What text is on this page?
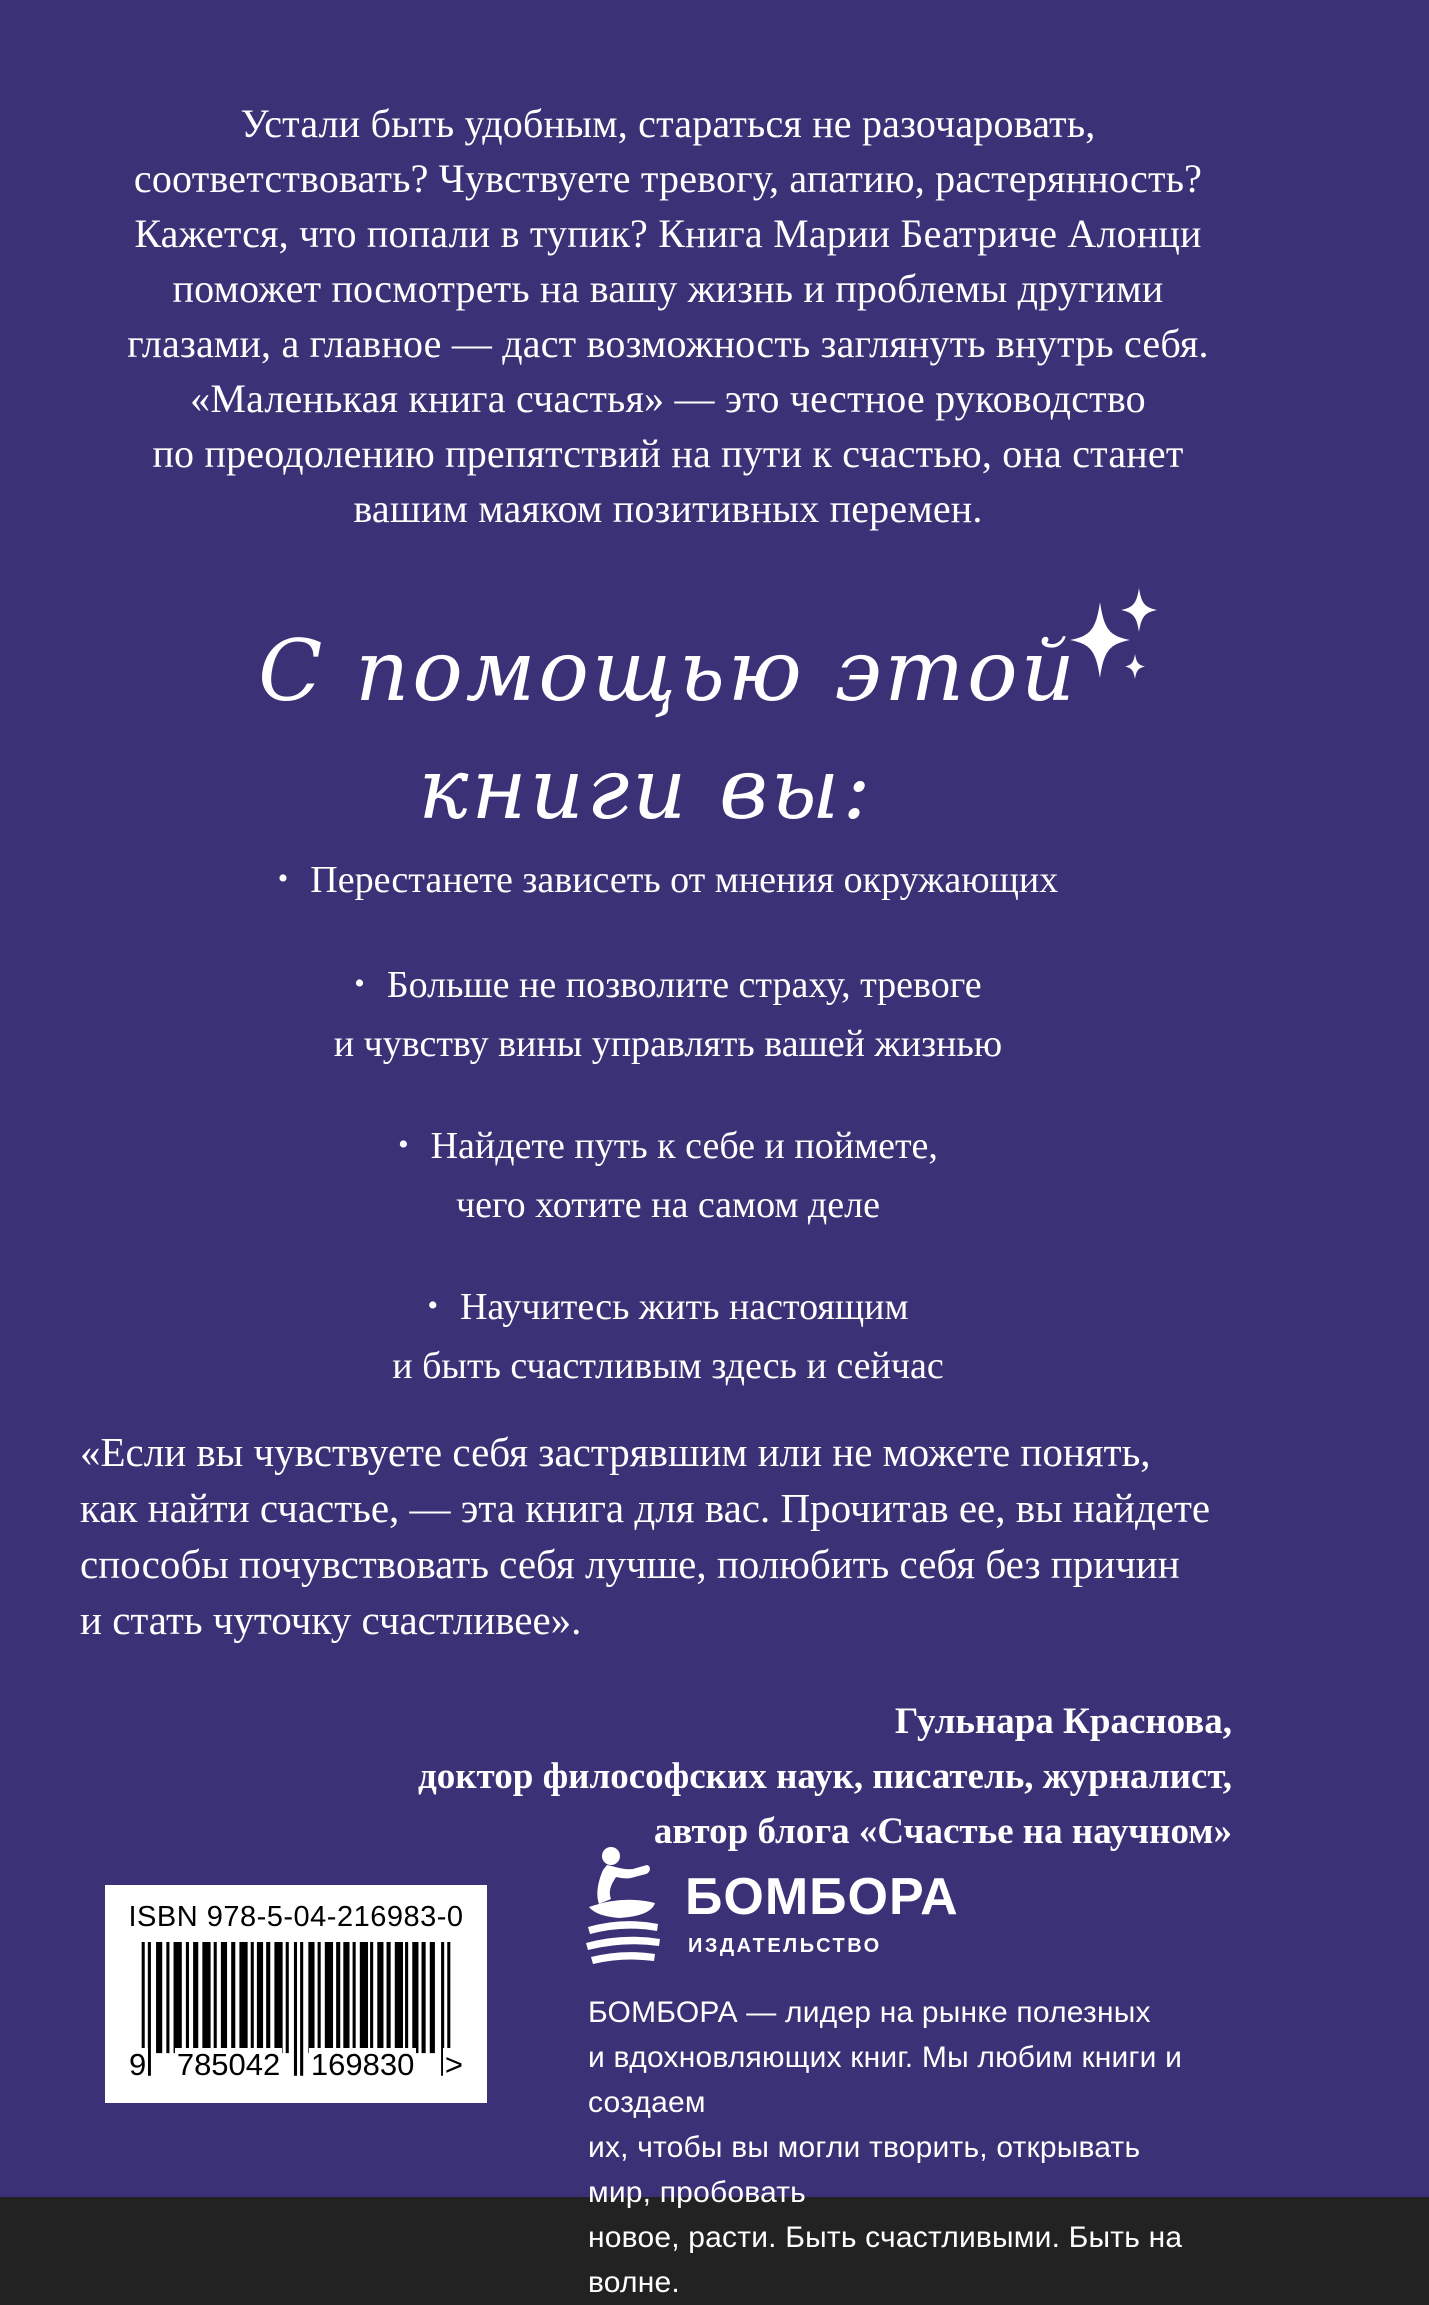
Устали быть удобным, стараться не разочаровать,
соответствовать? Чувствуете тревогу, апатию, растерянность?
Кажется, что попали в тупик? Книга Марии Беатриче Алонци
поможет посмотреть на вашу жизнь и проблемы другими
глазами, а главное — даст возможность заглянуть внутрь себя.
«Маленькая книга счастья» — это честное руководство
по преодолению препятствий на пути к счастью, она станет
вашим маяком позитивных перемен.
С помощью этой
книги вы:
• Перестанете зависеть от мнения окружающих
• Больше не позволите страху, тревоге
и чувству вины управлять вашей жизнью
• Найдете путь к себе и поймете,
чего хотите на самом деле
• Научитесь жить настоящим
и быть счастливым здесь и сейчас
«Если вы чувствуете себя застрявшим или не можете понять,
как найти счастье, — эта книга для вас. Прочитав ее, вы найдете
способы почувствовать себя лучше, полюбить себя без причин
и стать чуточку счастливее».
Гульнара Краснова,
доктор философских наук, писатель, журналист,
автор блога «Счастье на научном»
ISBN 978-5-04-216983-0
9 785042 169830 >
БОМБОРА
ИЗДАТЕЛЬСТВО
БОМБОРА — лидер на рынке полезных
и вдохновляющих книг. Мы любим книги и создаем
их, чтобы вы могли творить, открывать мир, пробовать
новое, расти. Быть счастливыми. Быть на волне.
